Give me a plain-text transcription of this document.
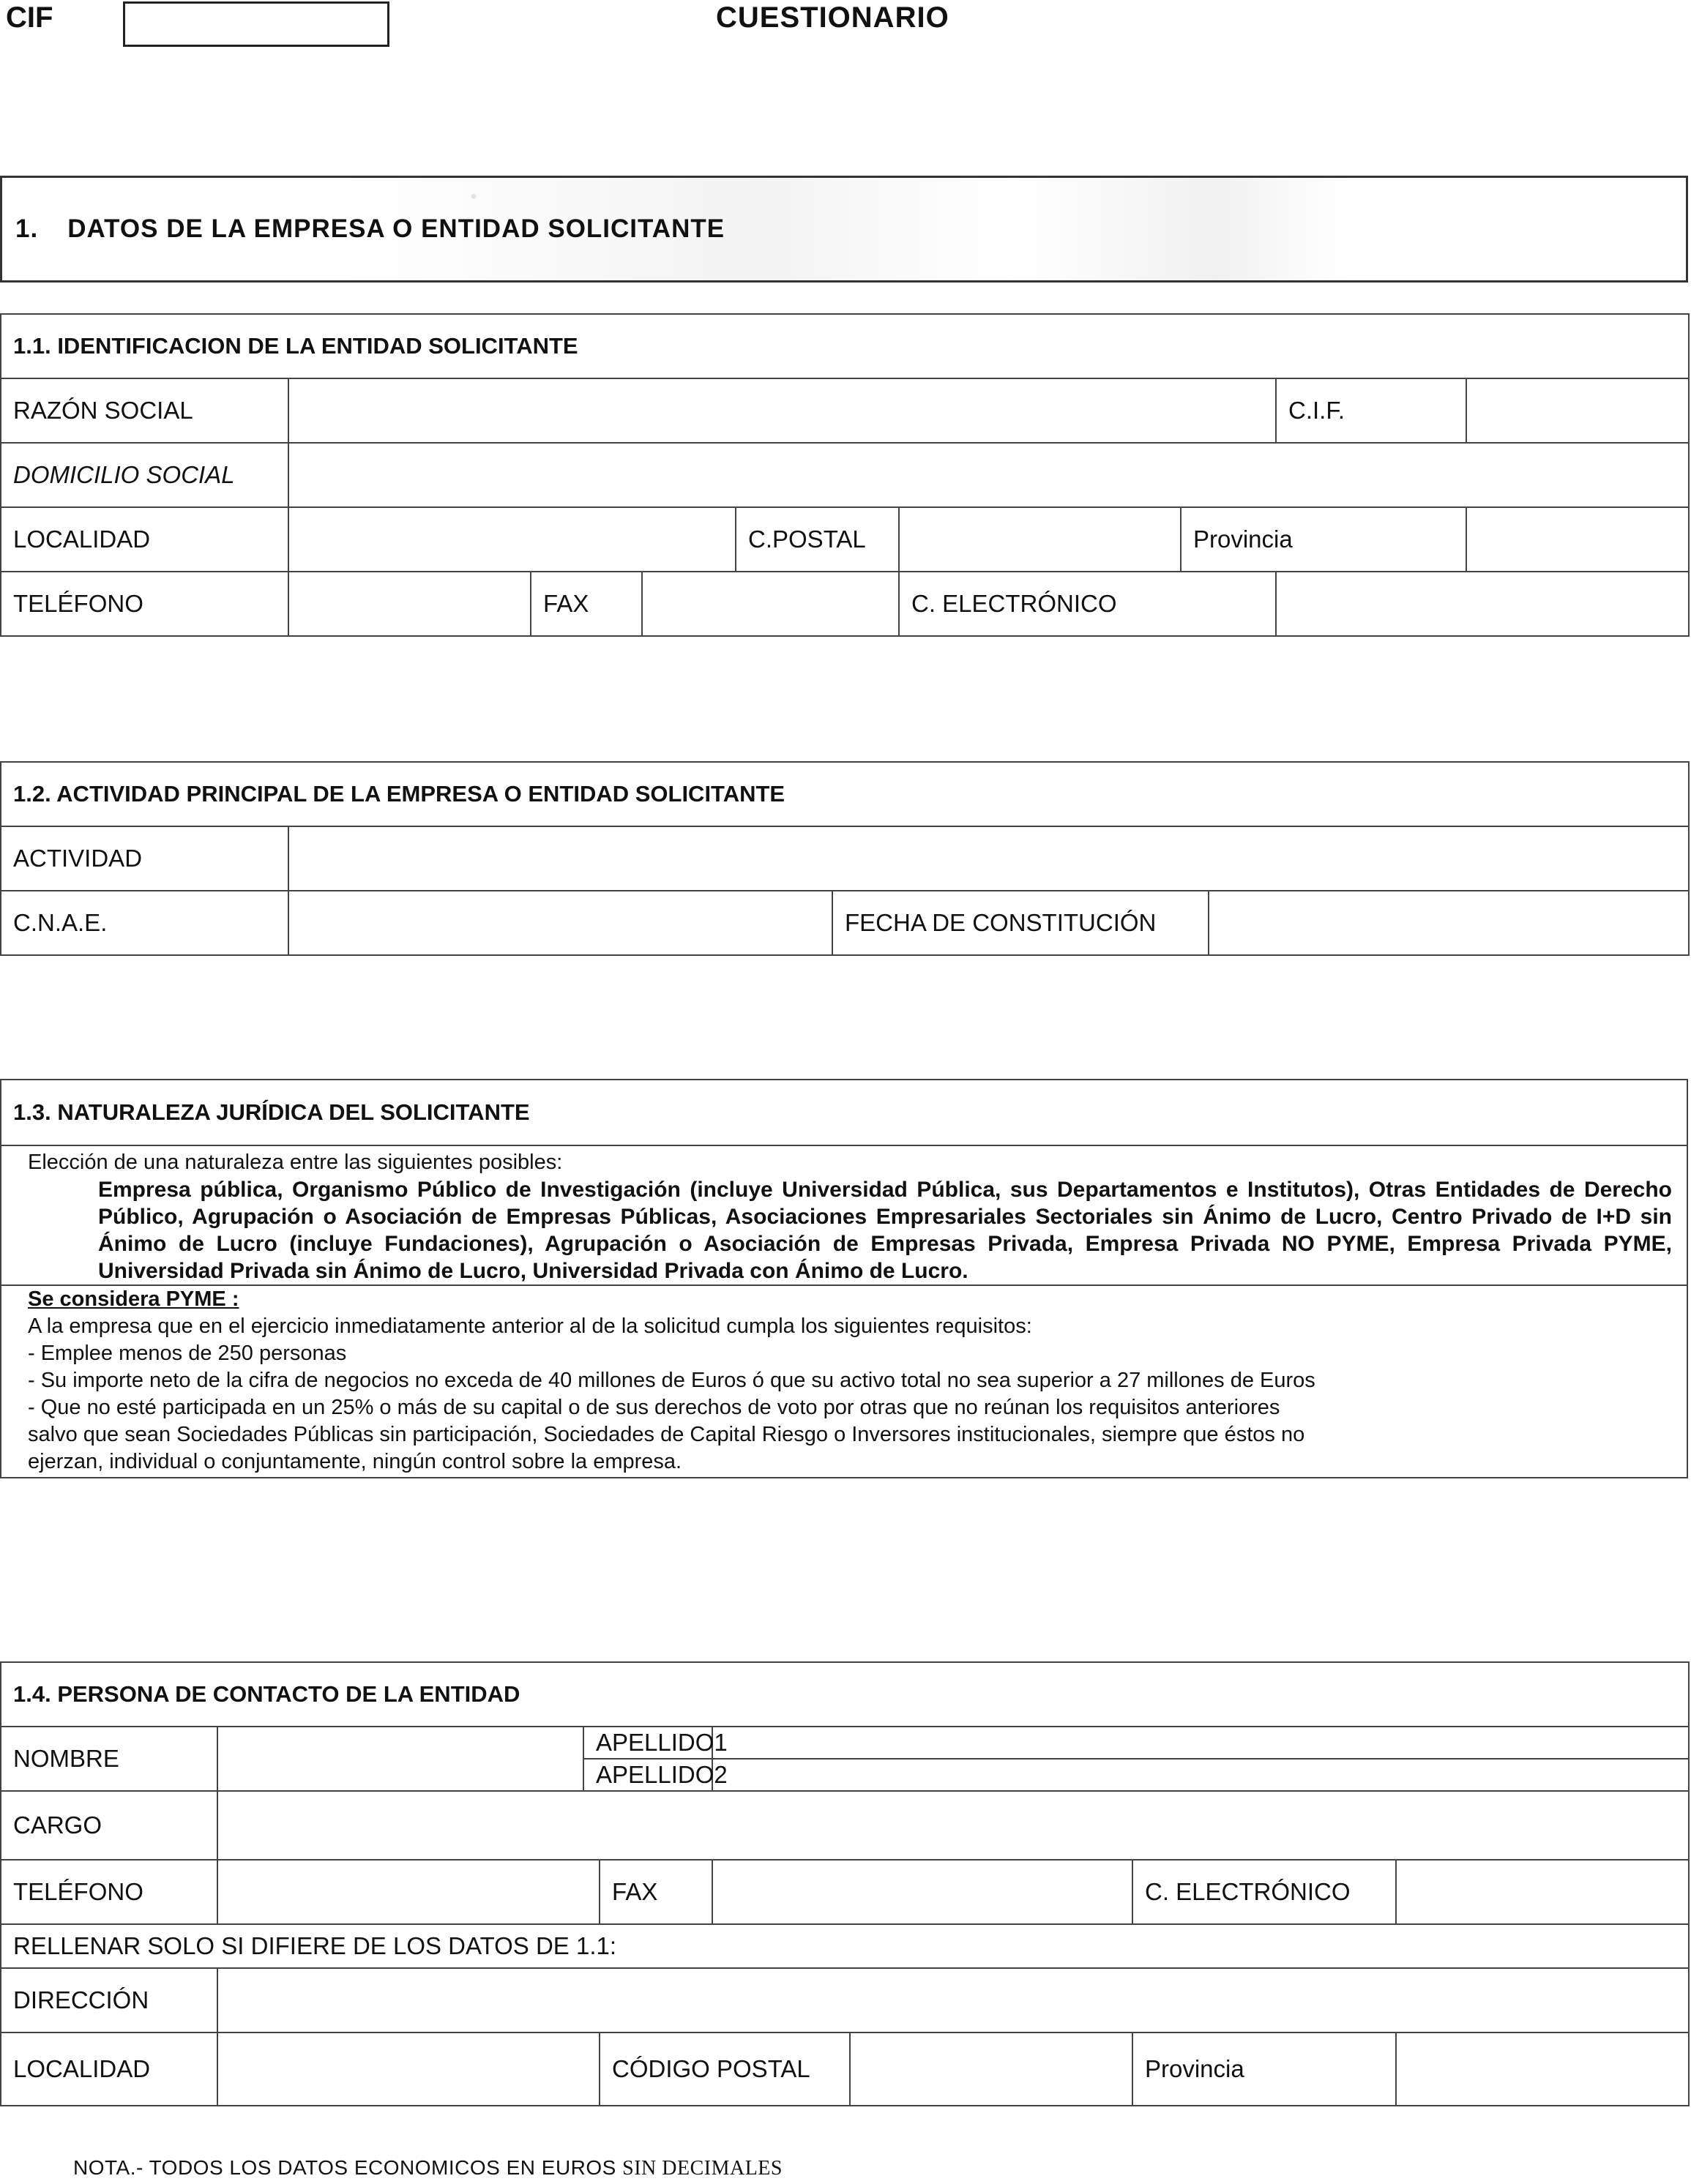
CIF	CUESTIONARIO
1. DATOS DE LA EMPRESA O ENTIDAD SOLICITANTE
1.1. IDENTIFICACION DE LA ENTIDAD SOLICITANTE								
RAZÓN SOCIAL							C.I.F.	
DOMICILIO SOCIAL								
LOCALIDAD				C.POSTAL		Provincia		
TELÉFONO		FAX			C. ELECTRÓNICO			
1.2. ACTIVIDAD PRINCIPAL DE LA EMPRESA O ENTIDAD SOLICITANTE			
ACTIVIDAD			
C.N.A.E.		FECHA DE CONSTITUCIÓN	
1.3. NATURALEZA JURÍDICA DEL SOLICITANTE
Elección de una naturaleza entre las siguientes posibles:
Empresa pública, Organismo Público de Investigación (incluye Universidad Pública, sus Departamentos e Institutos), Otras Entidades de Derecho Público, Agrupación o Asociación de Empresas Públicas, Asociaciones Empresariales Sectoriales sin Ánimo de Lucro, Centro Privado de I+D sin Ánimo de Lucro (incluye Fundaciones), Agrupación o Asociación de Empresas Privada, Empresa Privada NO PYME, Empresa Privada PYME, Universidad Privada sin Ánimo de Lucro, Universidad Privada con Ánimo de Lucro.
Se considera PYME :
A la empresa que en el ejercicio inmediatamente anterior al de la solicitud cumpla los siguientes requisitos:
- Emplee menos de 250 personas
- Su importe neto de la cifra de negocios no exceda de 40 millones de Euros ó que su activo total no sea superior a 27 millones de Euros
- Que no esté participada en un 25% o más de su capital o de sus derechos de voto por otras que no reúnan los requisitos anteriores
salvo que sean Sociedades Públicas sin participación, Sociedades de Capital Riesgo o Inversores institucionales, siempre que éstos no
ejerzan, individual o conjuntamente, ningún control sobre la empresa.
1.4. PERSONA DE CONTACTO DE LA ENTIDAD							
NOMBRE		APELLIDO1					
		APELLIDO2					
CARGO							
TELÉFONO			FAX			C. ELECTRÓNICO	
RELLENAR SOLO SI DIFIERE DE LOS DATOS DE 1.1:							
DIRECCIÓN							
LOCALIDAD			CÓDIGO POSTAL			Provincia	
NOTA.- TODOS LOS DATOS ECONOMICOS EN EUROS SIN DECIMALES
